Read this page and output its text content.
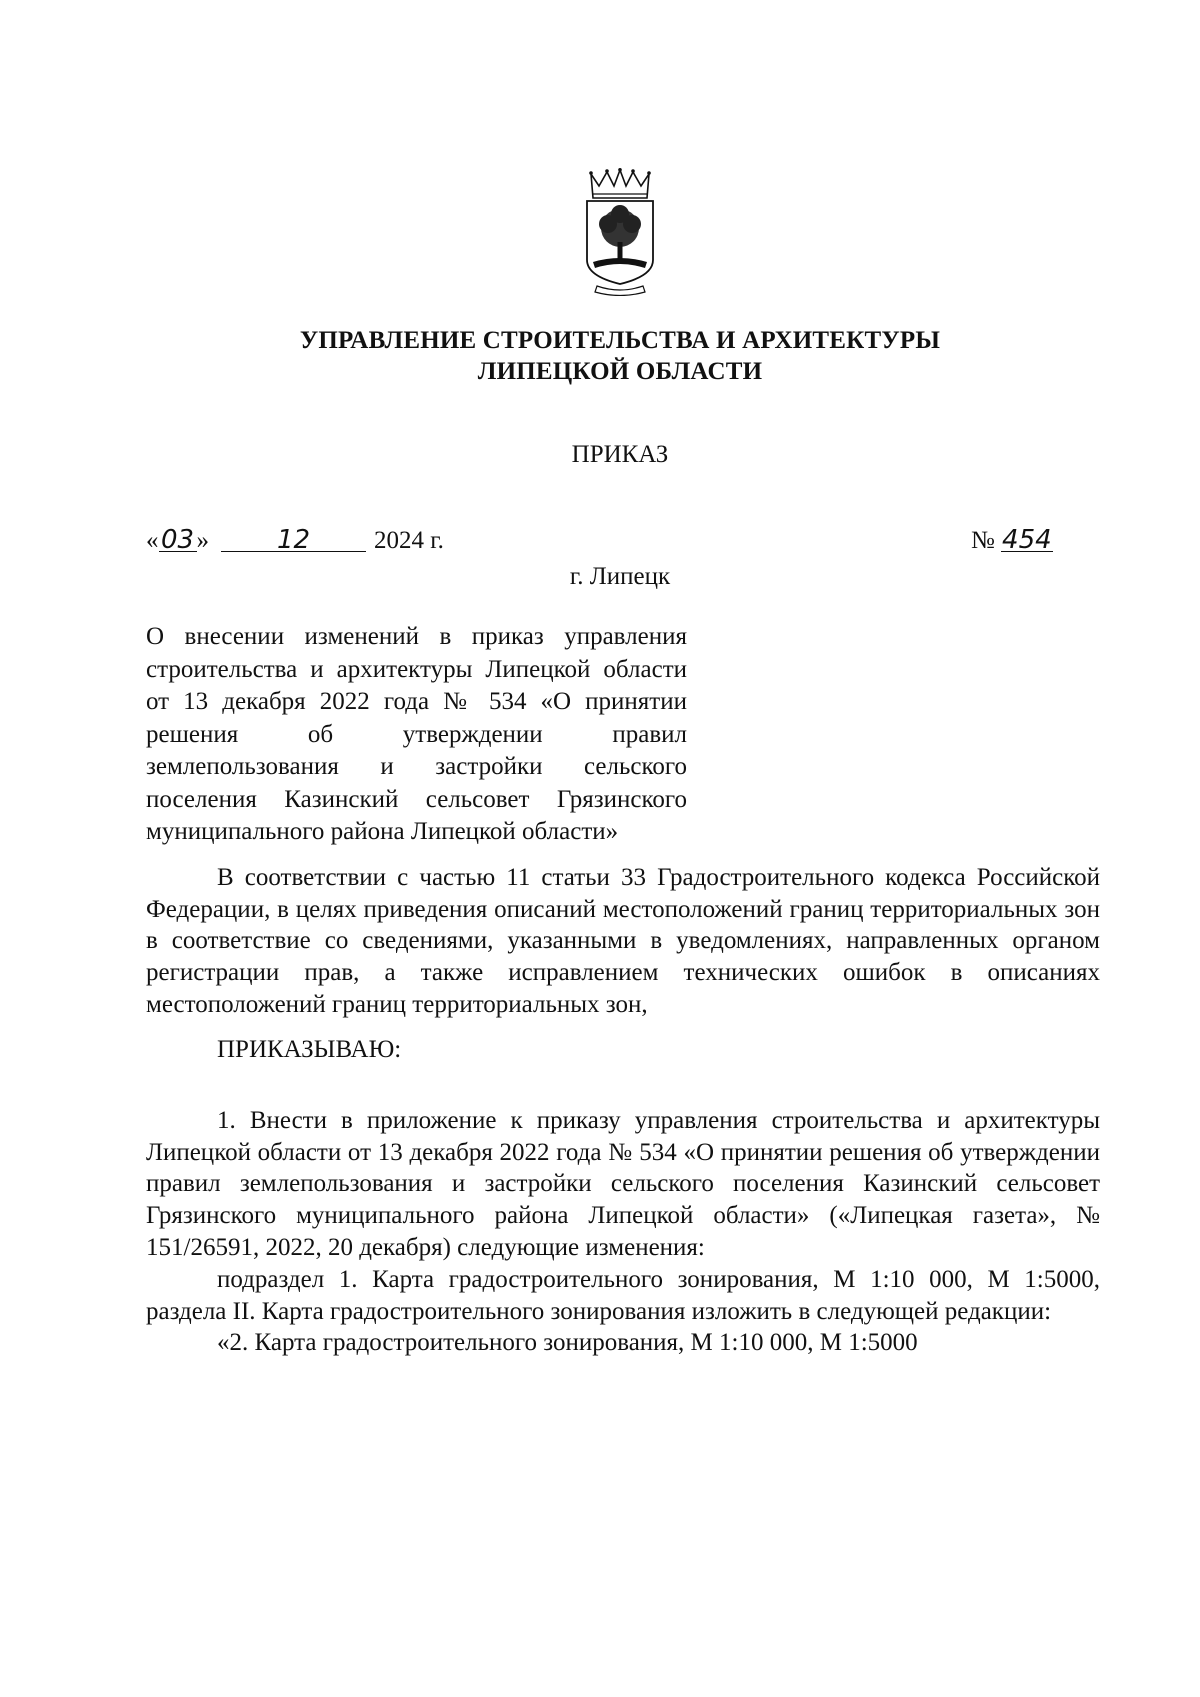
УПРАВЛЕНИЕ СТРОИТЕЛЬСТВА И АРХИТЕКТУРЫ
ЛИПЕЦКОЙ ОБЛАСТИ
ПРИКАЗ
«03»	12	2024 г.	№ 454
г. Липецк
О внесении изменений в приказ управления строительства и архитектуры Липецкой области от 13 декабря 2022 года № 534 «О принятии решения об утверждении правил землепользования и застройки сельского поселения Казинский сельсовет Грязинского
муниципального района Липецкой области»

В соответствии с частью 11 статьи 33 Градостроительного кодекса Российской Федерации, в целях приведения описаний местоположений границ территориальных зон в соответствие со сведениями, указанными в уведомлениях, направленных органом регистрации прав, а также исправлением технических ошибок в описаниях местоположений границ территориальных зон,

ПРИКАЗЫВАЮ:

1. Внести в приложение к приказу управления строительства и архитектуры Липецкой области от 13 декабря 2022 года № 534 «О принятии решения об утверждении правил землепользования и застройки сельского поселения Казинский сельсовет Грязинского муниципального района Липецкой области» («Липецкая газета», № 151/26591, 2022, 20 декабря) следующие изменения:

подраздел 1. Карта градостроительного зонирования, М 1:10 000, М 1:5000, раздела II. Карта градостроительного зонирования изложить в следующей редакции:

«2. Карта градостроительного зонирования, М 1:10 000, М 1:5000
